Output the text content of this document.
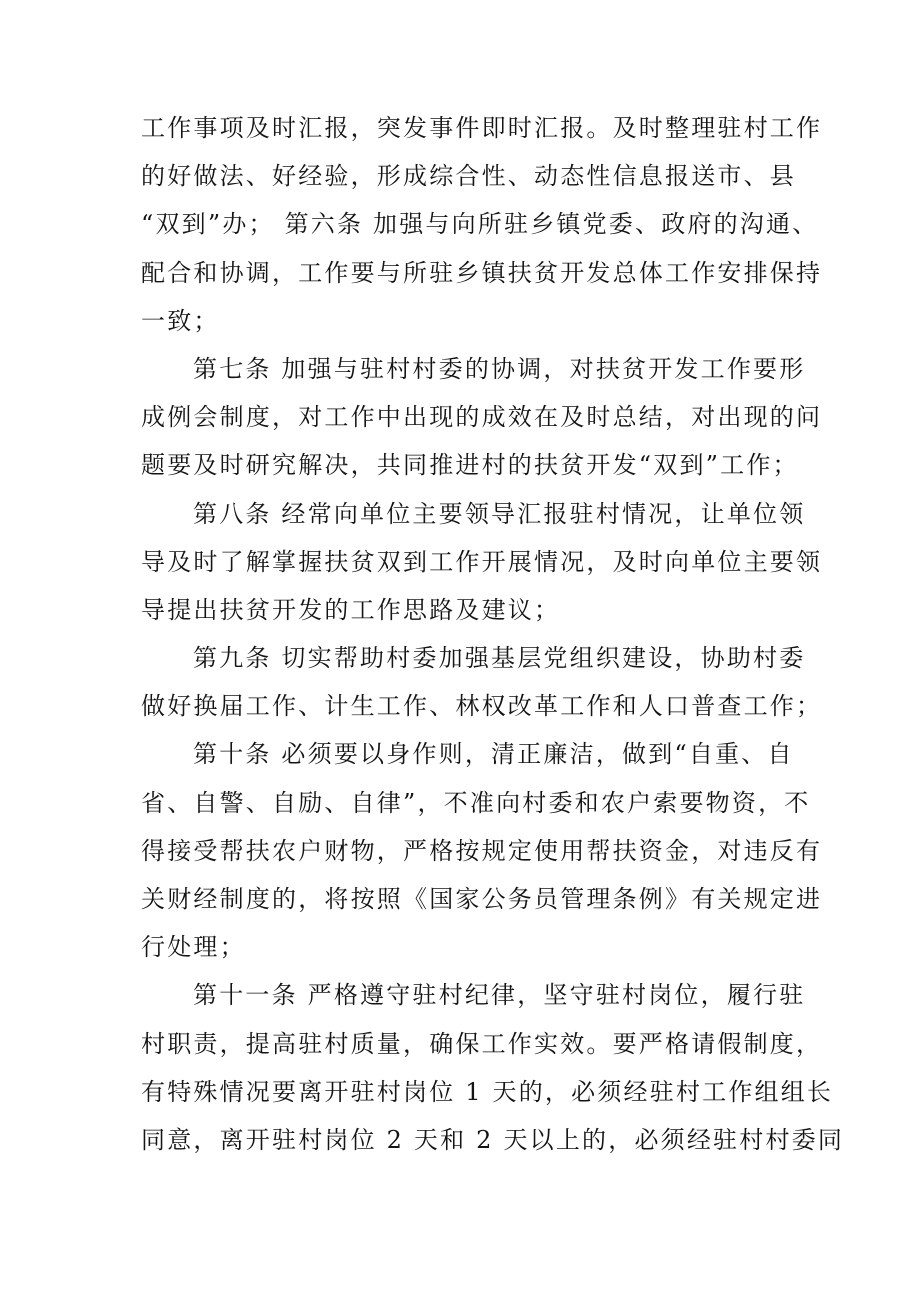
工作事项及时汇报，突发事件即时汇报。及时整理驻村工作
的好做法、好经验，形成综合性、动态性信息报送市、县
“双到”办； 第六条 加强与向所驻乡镇党委、政府的沟通、
配合和协调，工作要与所驻乡镇扶贫开发总体工作安排保持
一致；
第七条 加强与驻村村委的协调，对扶贫开发工作要形
成例会制度，对工作中出现的成效在及时总结，对出现的问
题要及时研究解决，共同推进村的扶贫开发“双到”工作；
第八条 经常向单位主要领导汇报驻村情况，让单位领
导及时了解掌握扶贫双到工作开展情况，及时向单位主要领
导提出扶贫开发的工作思路及建议；
第九条 切实帮助村委加强基层党组织建设，协助村委
做好换届工作、计生工作、林权改革工作和人口普查工作；
第十条 必须要以身作则，清正廉洁，做到“自重、自
省、自警、自励、自律”，不准向村委和农户索要物资，不
得接受帮扶农户财物，严格按规定使用帮扶资金，对违反有
关财经制度的，将按照《国家公务员管理条例》有关规定进
行处理；
第十一条 严格遵守驻村纪律，坚守驻村岗位，履行驻
村职责，提高驻村质量，确保工作实效。要严格请假制度，
有特殊情况要离开驻村岗位 1 天的，必须经驻村工作组组长
同意，离开驻村岗位 2 天和 2 天以上的，必须经驻村村委同
